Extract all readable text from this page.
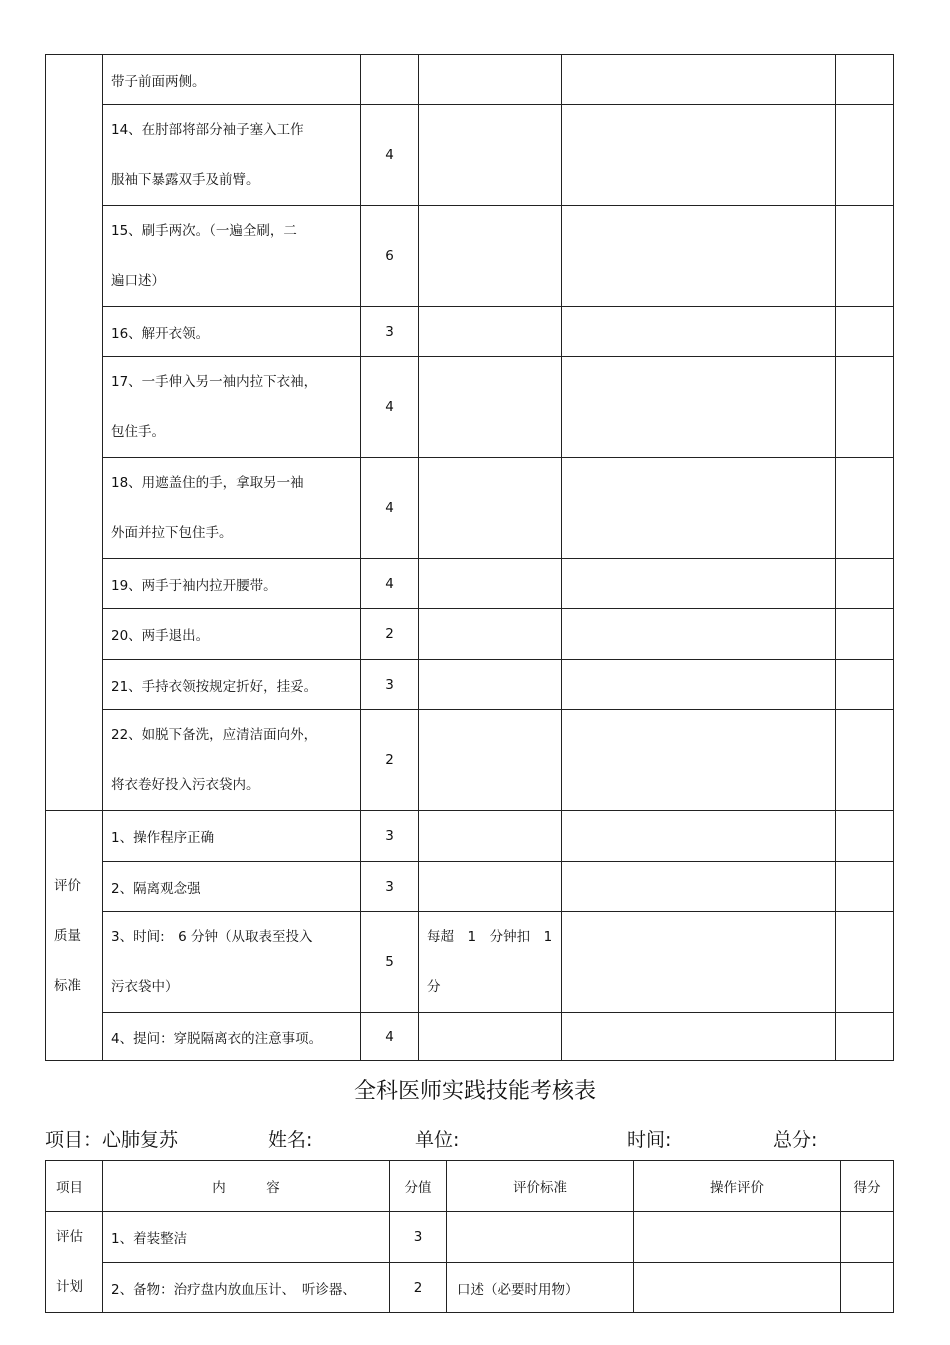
	带子前面两侧。				
	14、在肘部将部分袖子塞入工作
服袖下暴露双手及前臂。	4			
	15、刷手两次。（一遍全刷，二
遍口述）	6			
	16、解开衣领。	3			
	17、一手伸入另一袖内拉下衣袖，
包住手。	4			
	18、用遮盖住的手，拿取另一袖
外面并拉下包住手。	4			
	19、两手于袖内拉开腰带。	4			
	20、两手退出。	2			
	21、手持衣领按规定折好，挂妥。	3			
	22、如脱下备洗，应清洁面向外，
将衣卷好投入污衣袋内。	2			
评价
质量
标准	1、操作程序正确	3			
	2、隔离观念强	3			
	3、时间:　6 分钟（从取表至投入
污衣袋中）	5	每超　1　分钟扣　1
分		
	4、提问：穿脱隔离衣的注意事项。	4			
全科医师实践技能考核表
项目：心肺复苏	姓名:	单位:	时间:	总分:
项目	内　　　容	分值	评价标准	操作评价	得分
评估
计划	1、着装整洁	3			
	2、备物：治疗盘内放血压计、　听诊器、	2	口述（必要时用物）		
